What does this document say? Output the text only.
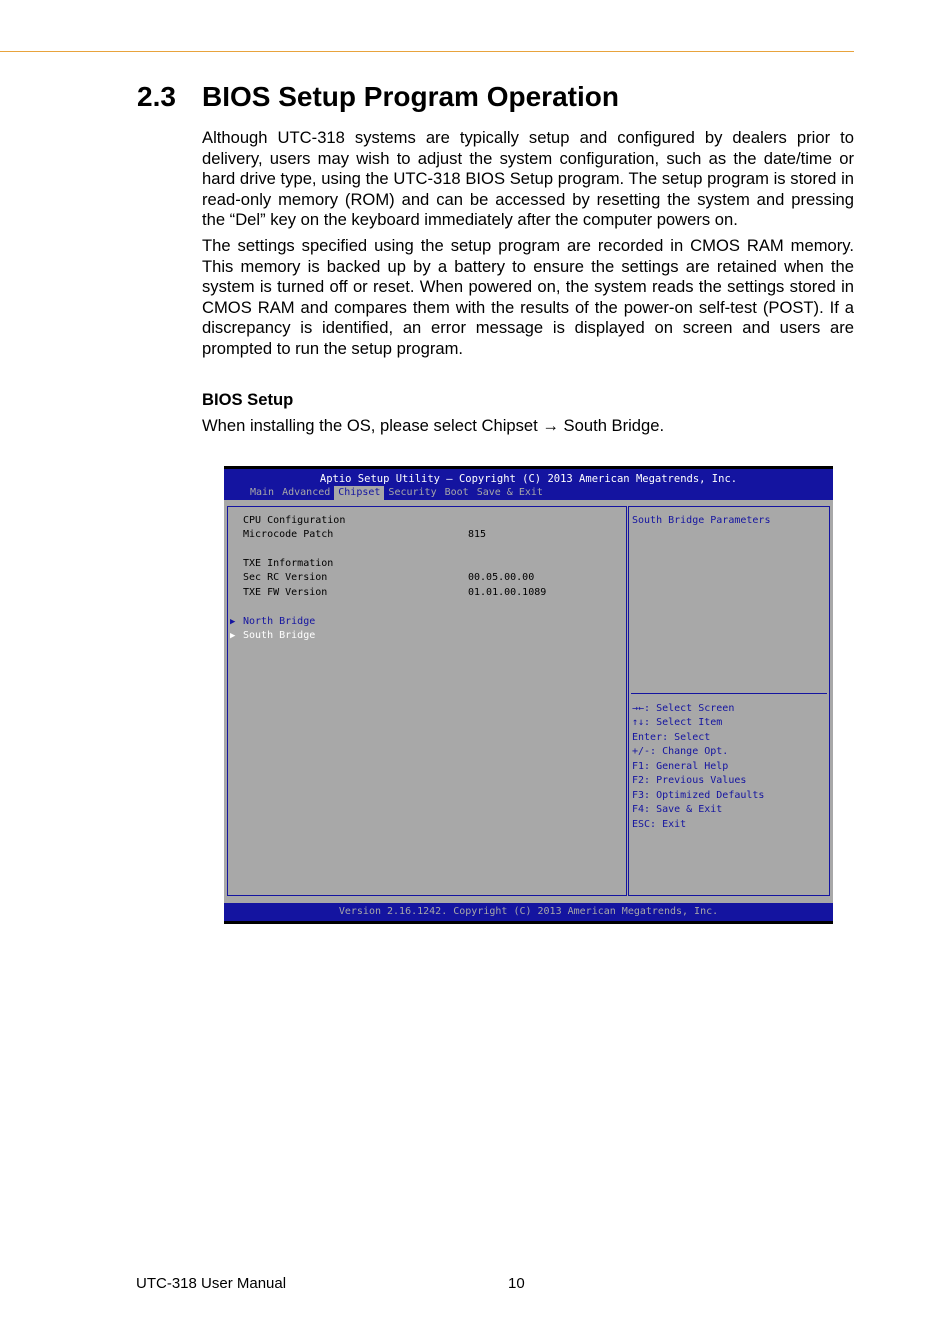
2.3 BIOS Setup Program Operation

Although UTC-318 systems are typically setup and configured by dealers prior to delivery, users may wish to adjust the system configuration, such as the date/time or hard drive type, using the UTC-318 BIOS Setup program. The setup program is stored in read-only memory (ROM) and can be accessed by resetting the system and pressing the “Del” key on the keyboard immediately after the computer powers on.

The settings specified using the setup program are recorded in CMOS RAM memory. This memory is backed up by a battery to ensure the settings are retained when the system is turned off or reset. When powered on, the system reads the settings stored in CMOS RAM and compares them with the results of the power-on self-test (POST). If a discrepancy is identified, an error message is displayed on screen and users are prompted to run the setup program.

BIOS Setup

When installing the OS, please select Chipset → South Bridge.

Aptio Setup Utility – Copyright (C) 2013 American Megatrends, Inc.
Main Advanced Chipset Security Boot Save & Exit
CPU Configuration
Microcode Patch	815
TXE Information
Sec RC Version	00.05.00.00
TXE FW Version	01.01.00.1089
▶ North Bridge
▶ South Bridge
South Bridge Parameters
→←: Select Screen
↑↓: Select Item
Enter: Select
+/-: Change Opt.
F1: General Help
F2: Previous Values
F3: Optimized Defaults
F4: Save & Exit
ESC: Exit
Version 2.16.1242. Copyright (C) 2013 American Megatrends, Inc.
UTC-318 User Manual	10
